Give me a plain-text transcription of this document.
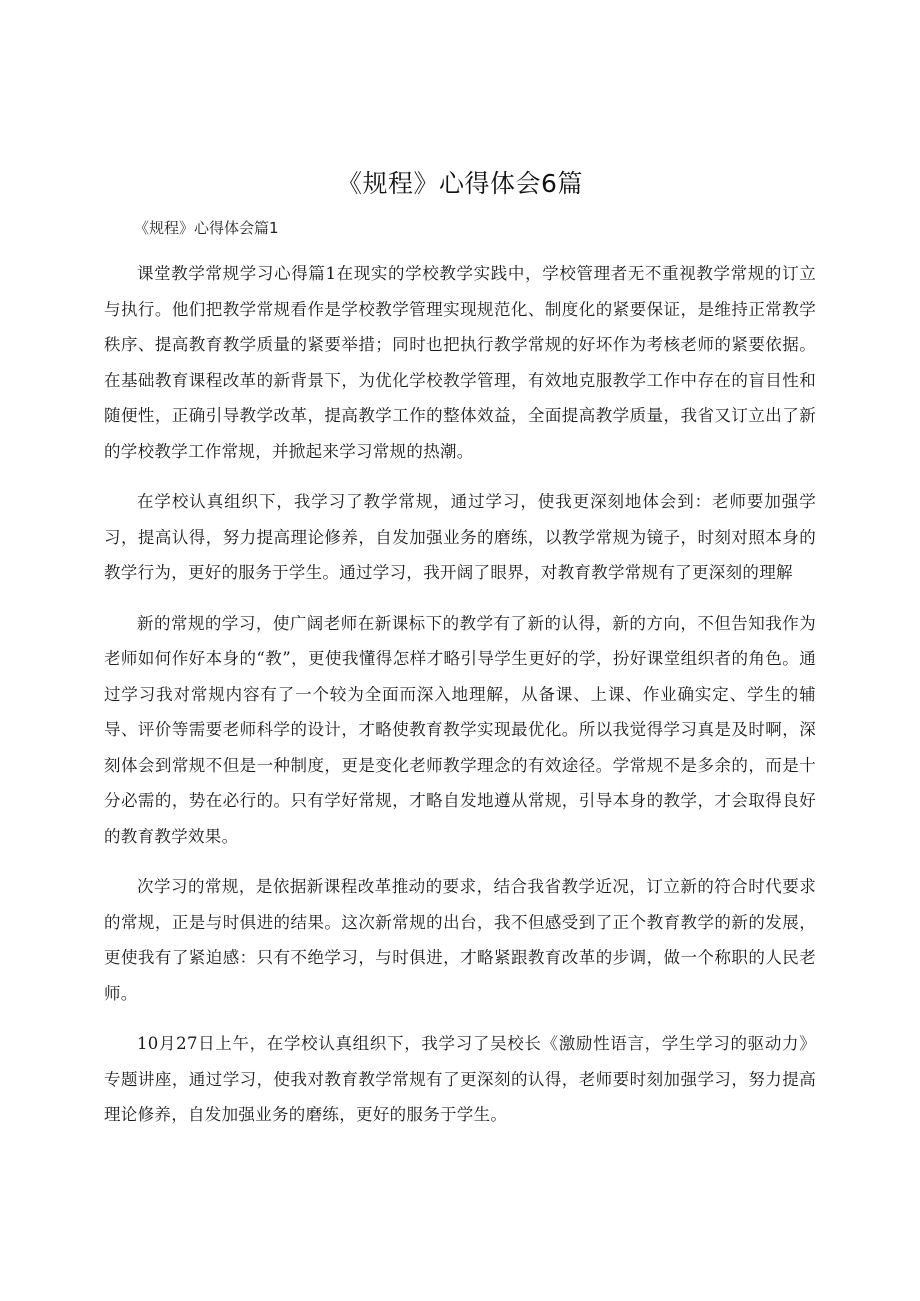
《规程》心得体会6篇
《规程》心得体会篇1

课堂教学常规学习心得篇1在现实的学校教学实践中，学校管理者无不重视教学常规的订立与执行。他们把教学常规看作是学校教学管理实现规范化、制度化的紧要保证，是维持正常教学秩序、提高教育教学质量的紧要举措；同时也把执行教学常规的好坏作为考核老师的紧要依据。在基础教育课程改革的新背景下，为优化学校教学管理，有效地克服教学工作中存在的盲目性和随便性，正确引导教学改革，提高教学工作的整体效益，全面提高教学质量，我省又订立出了新的学校教学工作常规，并掀起来学习常规的热潮。

在学校认真组织下，我学习了教学常规，通过学习，使我更深刻地体会到：老师要加强学习，提高认得，努力提高理论修养，自发加强业务的磨练，以教学常规为镜子，时刻对照本身的教学行为，更好的服务于学生。通过学习，我开阔了眼界，对教育教学常规有了更深刻的理解

新的常规的学习，使广阔老师在新课标下的教学有了新的认得，新的方向，不但告知我作为老师如何作好本身的“教”，更使我懂得怎样才略引导学生更好的学，扮好课堂组织者的角色。通过学习我对常规内容有了一个较为全面而深入地理解，从备课、上课、作业确实定、学生的辅导、评价等需要老师科学的设计，才略使教育教学实现最优化。所以我觉得学习真是及时啊，深刻体会到常规不但是一种制度，更是变化老师教学理念的有效途径。学常规不是多余的，而是十分必需的，势在必行的。只有学好常规，才略自发地遵从常规，引导本身的教学，才会取得良好的教育教学效果。

次学习的常规，是依据新课程改革推动的要求，结合我省教学近况，订立新的符合时代要求的常规，正是与时俱进的结果。这次新常规的出台，我不但感受到了正个教育教学的新的发展，更使我有了紧迫感：只有不绝学习，与时俱进，才略紧跟教育改革的步调，做一个称职的人民老师。

10月27日上午，在学校认真组织下，我学习了吴校长《激励性语言，学生学习的驱动力》专题讲座，通过学习，使我对教育教学常规有了更深刻的认得，老师要时刻加强学习，努力提高理论修养，自发加强业务的磨练，更好的服务于学生。
